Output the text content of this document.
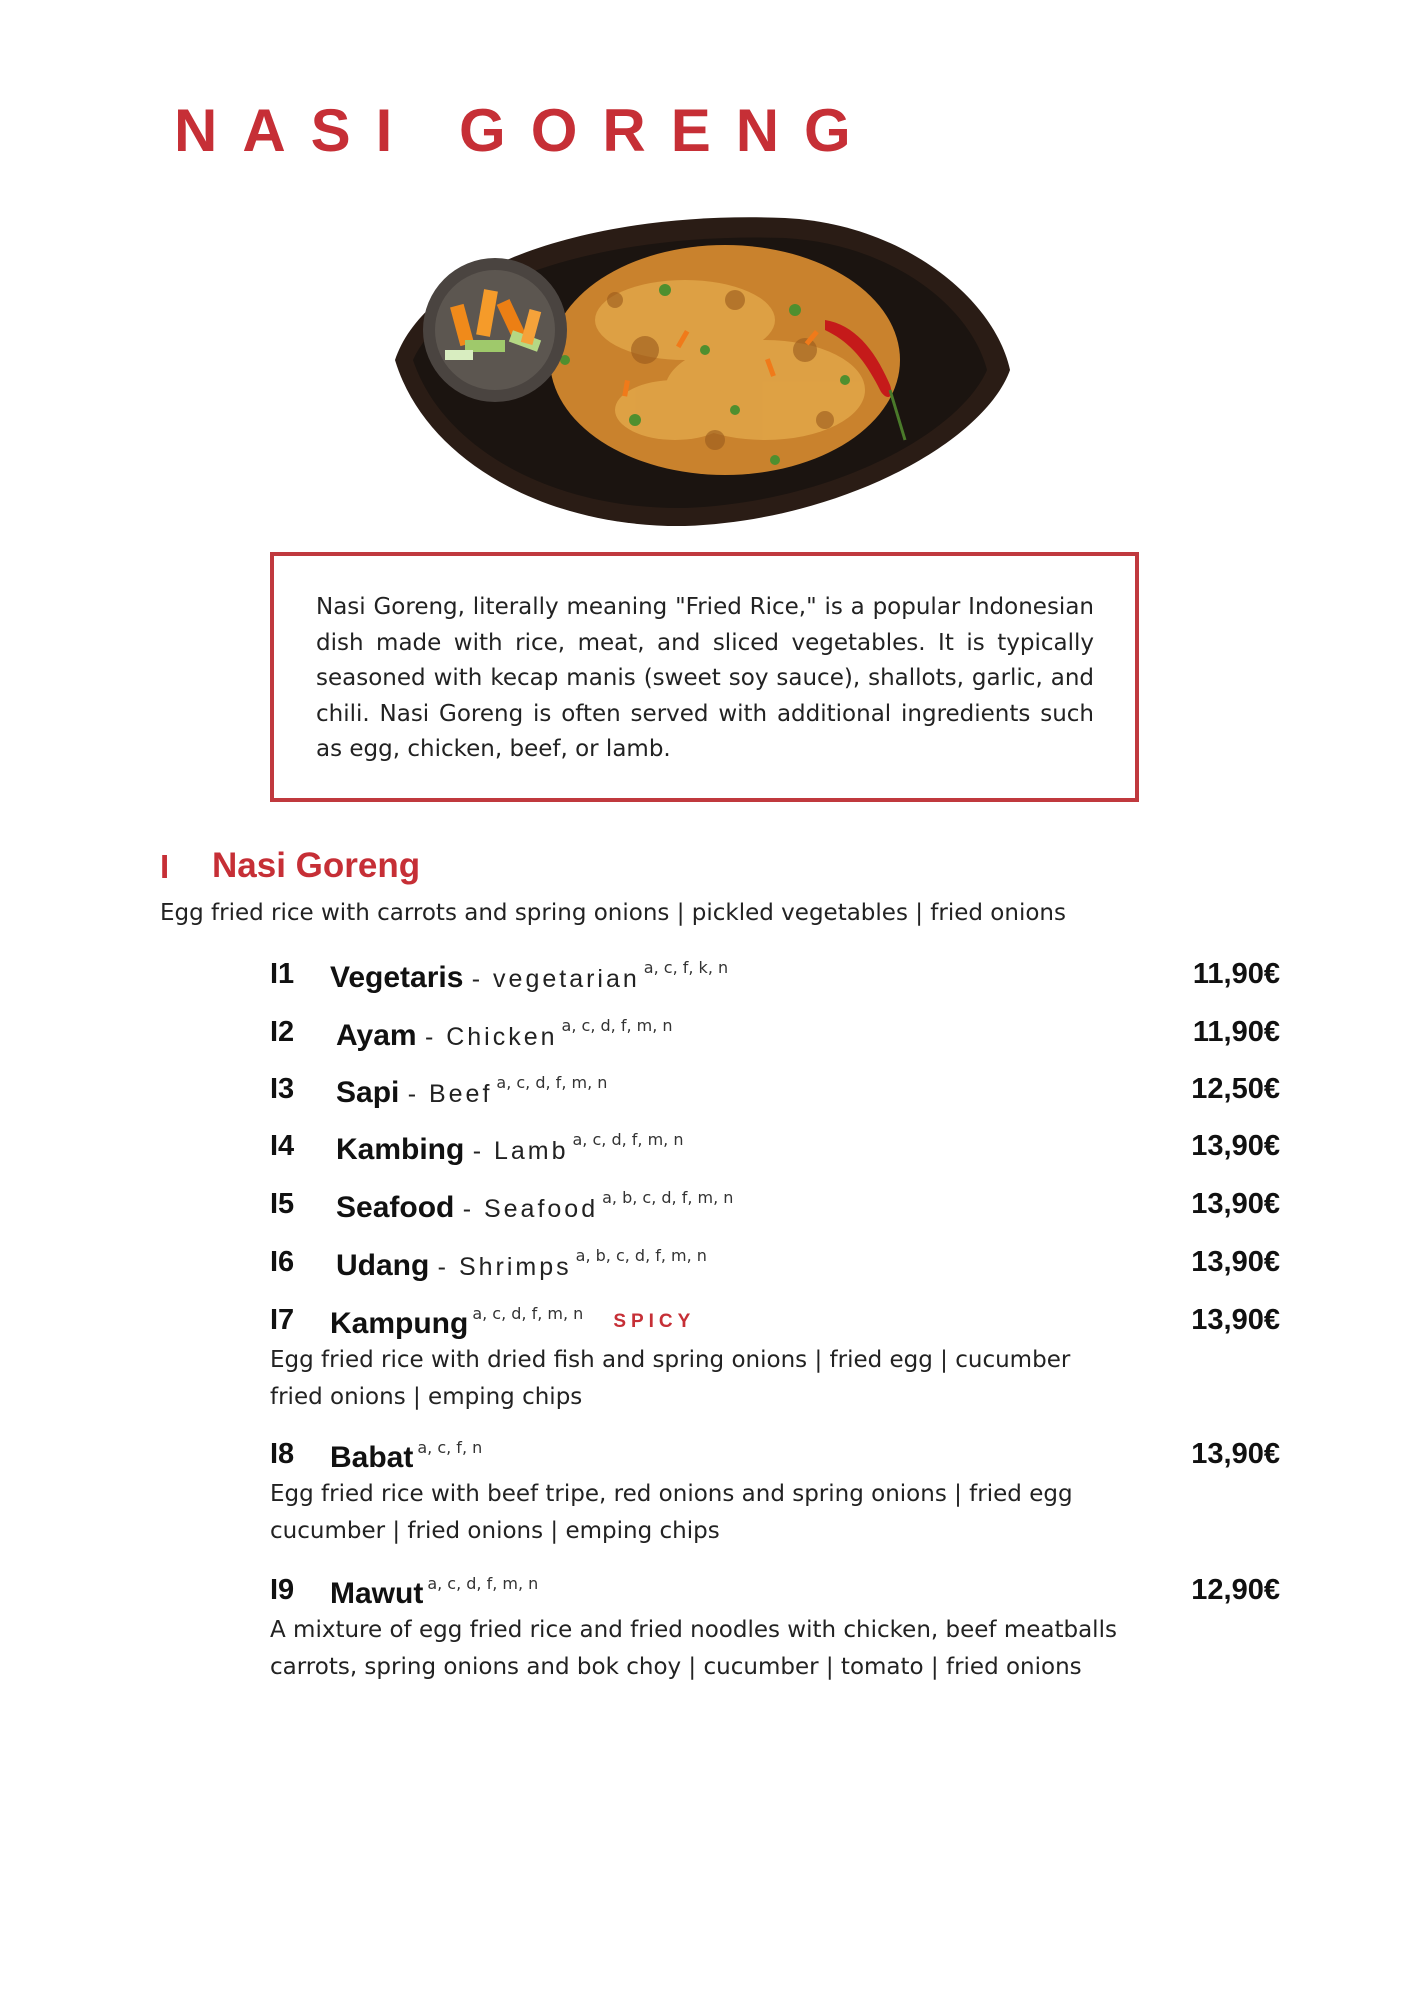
NASI GORENG

Nasi Goreng, literally meaning "Fried Rice," is a popular Indonesian dish made with rice, meat, and sliced vegetables. It is typically seasoned with kecap manis (sweet soy sauce), shallots, garlic, and chili. Nasi Goreng is often served with additional ingredients such as egg, chicken, beef, or lamb.

I Nasi Goreng
Egg fried rice with carrots and spring onions | pickled vegetables | fried onions
I1 Vegetaris - vegetarian $^{a, c, f, k, n}$	11,90€
I2 Ayam - Chicken $^{a, c, d, f, m, n}$	11,90€
I3 Sapi - Beef $^{a, c, d, f, m, n}$	12,50€
I4 Kambing - Lamb $^{a, c, d, f, m, n}$	13,90€
I5 Seafood - Seafood $^{a, b, c, d, f, m, n}$	13,90€
I6 Udang - Shrimps $^{a, b, c, d, f, m, n}$	13,90€
I7 Kampung $^{a, c, d, f, m, n}$ $^{SPICY}$	13,90€

Egg fried rice with dried fish and spring onions | fried egg | cucumber
fried onions | emping chips

I8 Babat $^{a, c, f, n}$	13,90€

Egg fried rice with beef tripe, red onions and spring onions | fried egg
cucumber | fried onions | emping chips

I9 Mawut $^{a, c, d, f, m, n}$	12,90€

A mixture of egg fried rice and fried noodles with chicken, beef meatballs
carrots, spring onions and bok choy | cucumber | tomato | fried onions
